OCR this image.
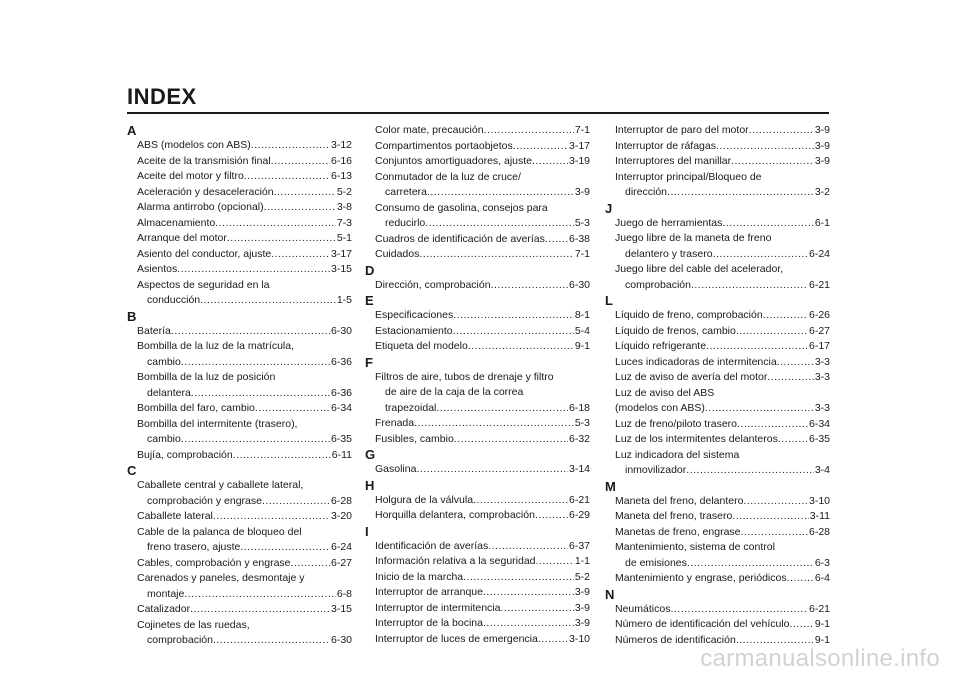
INDEX
A
ABS (modelos con ABS) .....	3-12
Aceite de la transmisión final .....	6-16
Aceite del motor y filtro .....	6-13
Aceleración y desaceleración .....	5-2
Alarma antirrobo (opcional) .....	3-8
Almacenamiento .....	7-3
Arranque del motor .....	5-1
Asiento del conductor, ajuste .....	3-17
Asientos .....	3-15
Aspectos de seguridad en la
conducción .....	1-5
B
Batería .....	6-30
Bombilla de la luz de la matrícula,
cambio .....	6-36
Bombilla de la luz de posición
delantera .....	6-36
Bombilla del faro, cambio .....	6-34
Bombilla del intermitente (trasero),
cambio .....	6-35
Bujía, comprobación .....	6-11
C
Caballete central y caballete lateral,
comprobación y engrase .....	6-28
Caballete lateral .....	3-20
Cable de la palanca de bloqueo del
freno trasero, ajuste .....	6-24
Cables, comprobación y engrase .....	6-27
Carenados y paneles, desmontaje y
montaje .....	6-8
Catalizador .....	3-15
Cojinetes de las ruedas,
comprobación .....	6-30
Color mate, precaución .....	7-1
Compartimentos portaobjetos .....	3-17
Conjuntos amortiguadores, ajuste .....	3-19
Conmutador de la luz de cruce/
carretera .....	3-9
Consumo de gasolina, consejos para
reducirlo .....	5-3
Cuadros de identificación de averías ..... 6-38
Cuidados .....	7-1
D
Dirección, comprobación .....	6-30
E
Especificaciones .....	8-1
Estacionamiento .....	5-4
Etiqueta del modelo .....	9-1
F
Filtros de aire, tubos de drenaje y filtro
de aire de la caja de la correa
trapezoidal .....	6-18
Frenada .....	5-3
Fusibles, cambio .....	6-32
G
Gasolina .....	3-14
H
Holgura de la válvula .....	6-21
Horquilla delantera, comprobación .....	6-29
I
Identificación de averías .....	6-37
Información relativa a la seguridad .....	1-1
Inicio de la marcha .....	5-2
Interruptor de arranque .....	3-9
Interruptor de intermitencia .....	3-9
Interruptor de la bocina .....	3-9
Interruptor de luces de emergencia .....	3-10
Interruptor de paro del motor .....	3-9
Interruptor de ráfagas .....	3-9
Interruptores del manillar .....	3-9
Interruptor principal/Bloqueo de
dirección .....	3-2
J
Juego de herramientas .....	6-1
Juego libre de la maneta de freno
delantero y trasero .....	6-24
Juego libre del cable del acelerador,
comprobación .....	6-21
L
Líquido de freno, comprobación .....	6-26
Líquido de frenos, cambio .....	6-27
Líquido refrigerante .....	6-17
Luces indicadoras de intermitencia .....	3-3
Luz de aviso de avería del motor .....	3-3
Luz de aviso del ABS
(modelos con ABS) .....	3-3
Luz de freno/piloto trasero .....	6-34
Luz de los intermitentes delanteros .....	6-35
Luz indicadora del sistema
inmovilizador .....	3-4
M
Maneta del freno, delantero .....	3-10
Maneta del freno, trasero .....	3-11
Manetas de freno, engrase .....	6-28
Mantenimiento, sistema de control
de emisiones .....	6-3
Mantenimiento y engrase, periódicos .....	6-4
N
Neumáticos .....	6-21
Número de identificación del vehículo ..... 9-1
Números de identificación .....	9-1
carmanualsonline.info
